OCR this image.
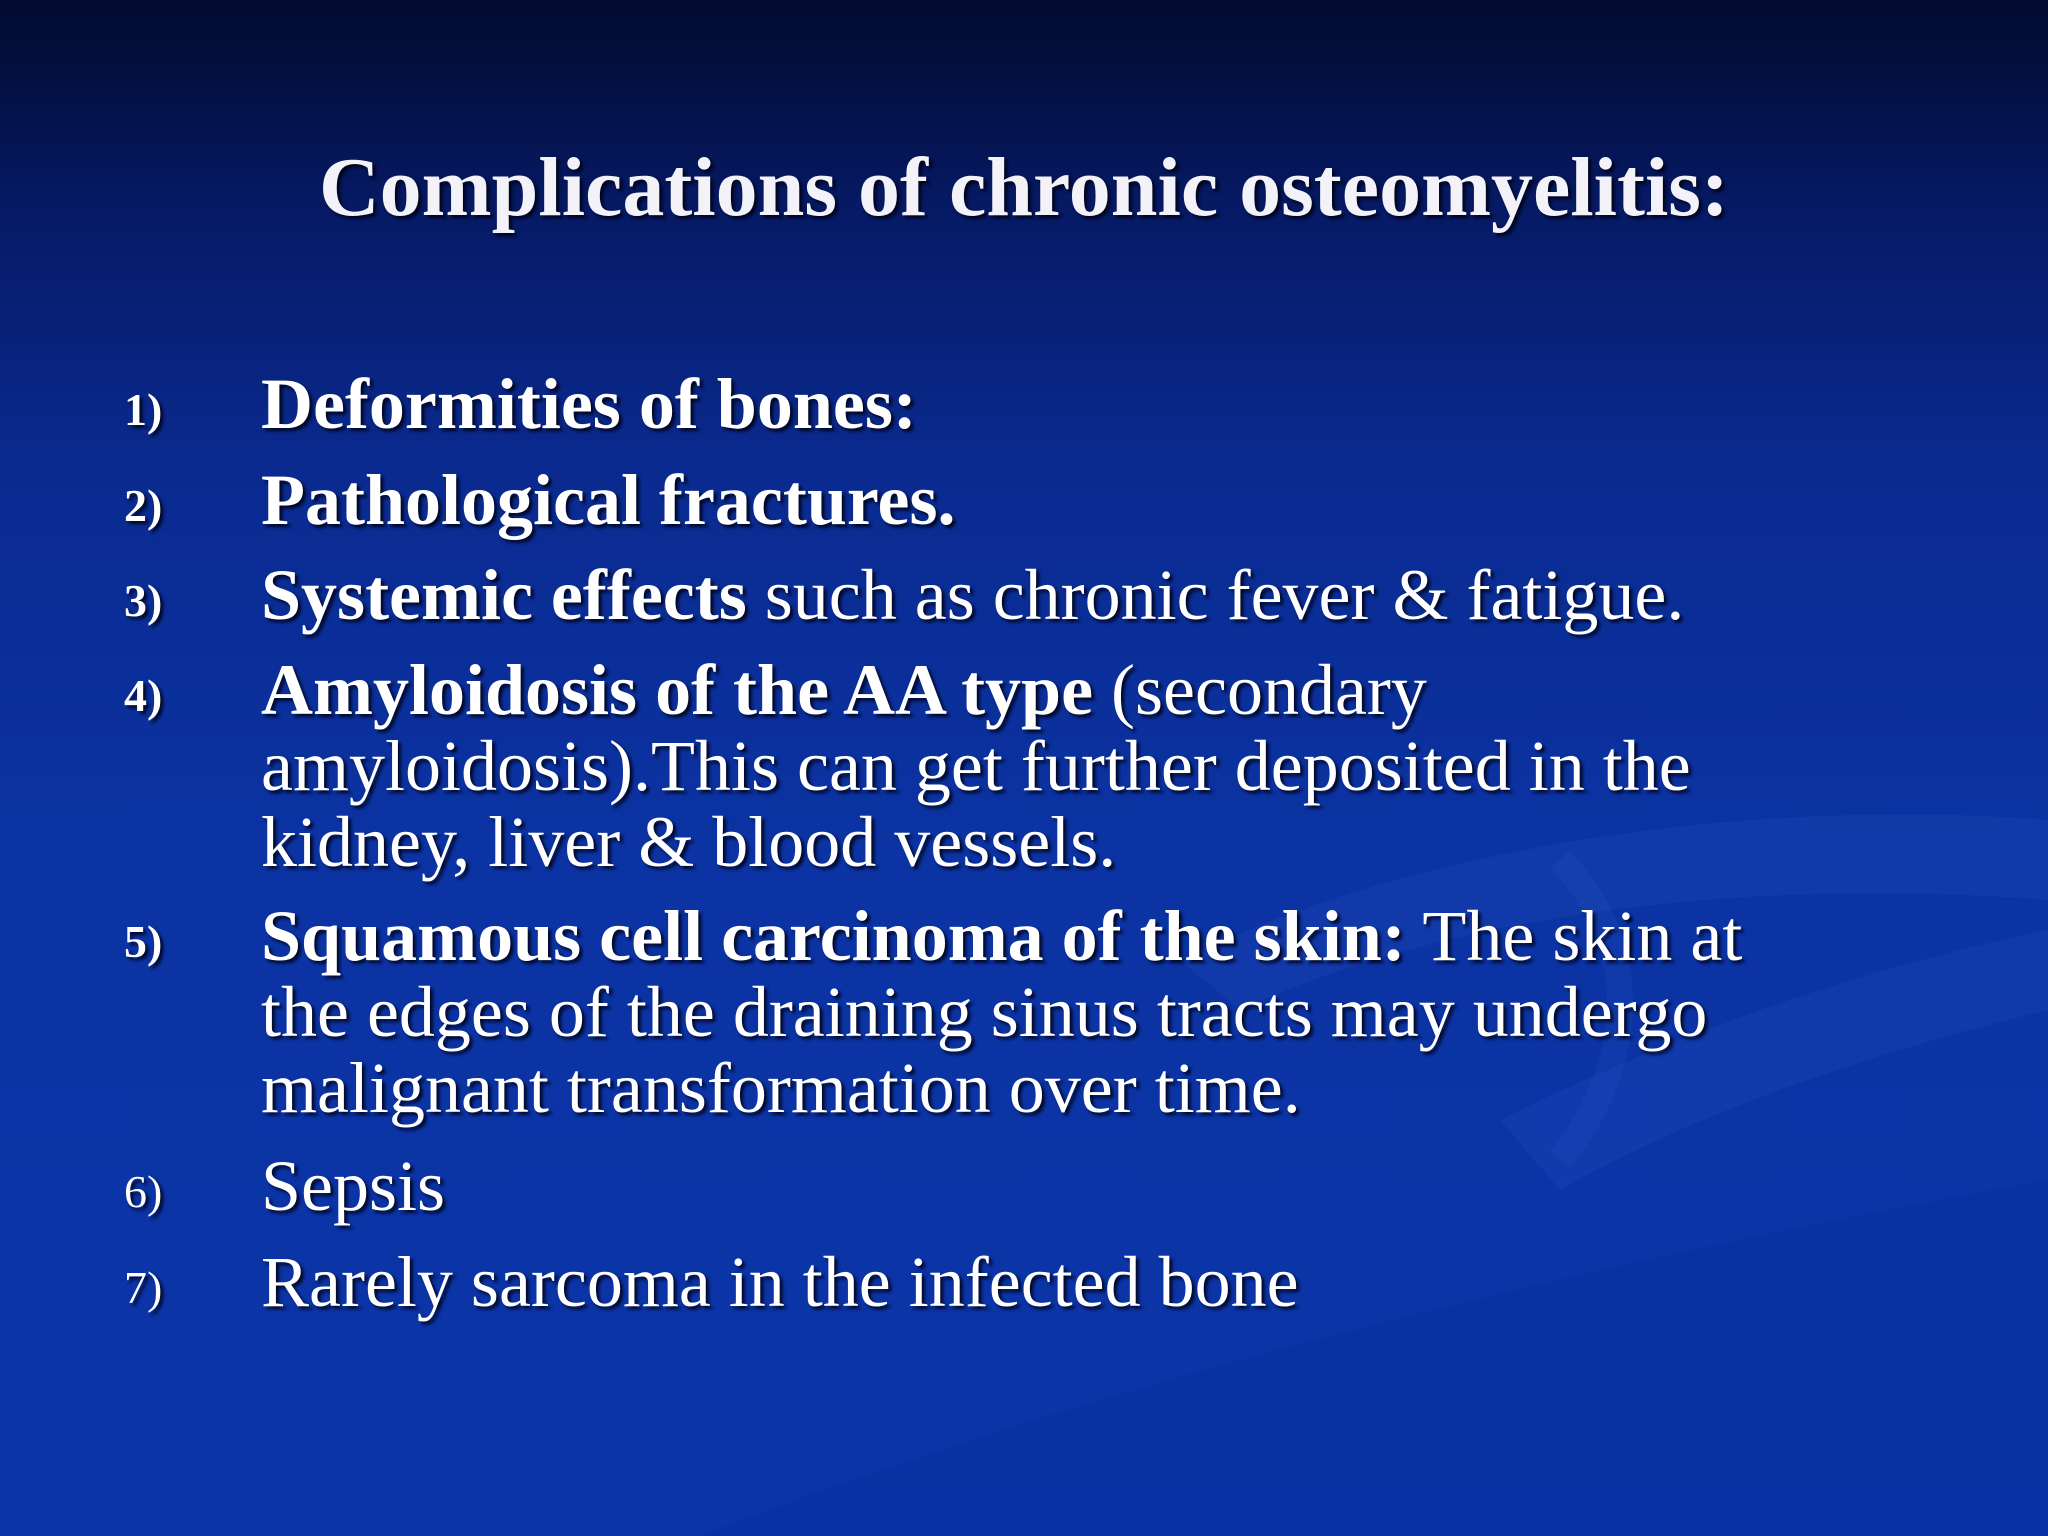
Complications of chronic osteomyelitis:
1) Deformities of bones:
2) Pathological fractures.
3) Systemic effects such as chronic fever & fatigue.
4) Amyloidosis of the AA type (secondary
amyloidosis).This can get further deposited in the
kidney, liver & blood vessels.
5) Squamous cell carcinoma of the skin: The skin at
the edges of the draining sinus tracts may undergo
malignant transformation over time.
6) Sepsis
7) Rarely sarcoma in the infected bone
